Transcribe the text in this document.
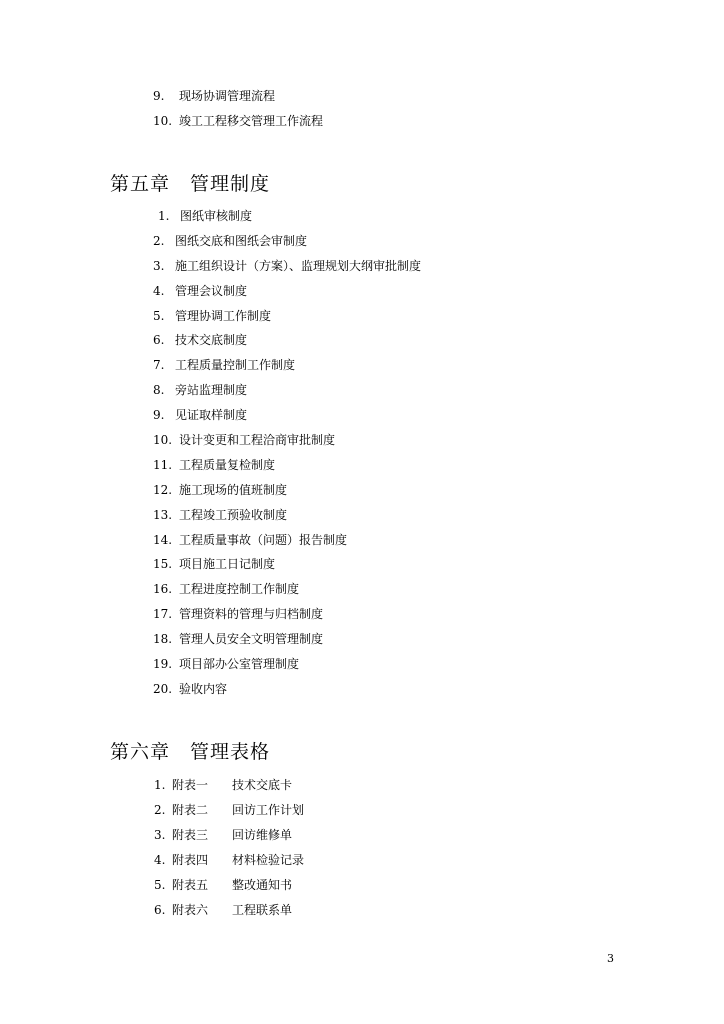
9. 现场协调管理流程
10. 竣工工程移交管理工作流程
第五章 管理制度
1. 图纸审核制度
2. 图纸交底和图纸会审制度
3. 施工组织设计（方案）、监理规划大纲审批制度
4. 管理会议制度
5. 管理协调工作制度
6. 技术交底制度
7. 工程质量控制工作制度
8. 旁站监理制度
9. 见证取样制度
10. 设计变更和工程洽商审批制度
11. 工程质量复检制度
12. 施工现场的值班制度
13. 工程竣工预验收制度
14. 工程质量事故（问题）报告制度
15. 项目施工日记制度
16. 工程进度控制工作制度
17. 管理资料的管理与归档制度
18. 管理人员安全文明管理制度
19. 项目部办公室管理制度
20. 验收内容
第六章 管理表格
1. 附表一 技术交底卡
2. 附表二 回访工作计划
3. 附表三 回访维修单
4. 附表四 材料检验记录
5. 附表五 整改通知书
6. 附表六 工程联系单
3
